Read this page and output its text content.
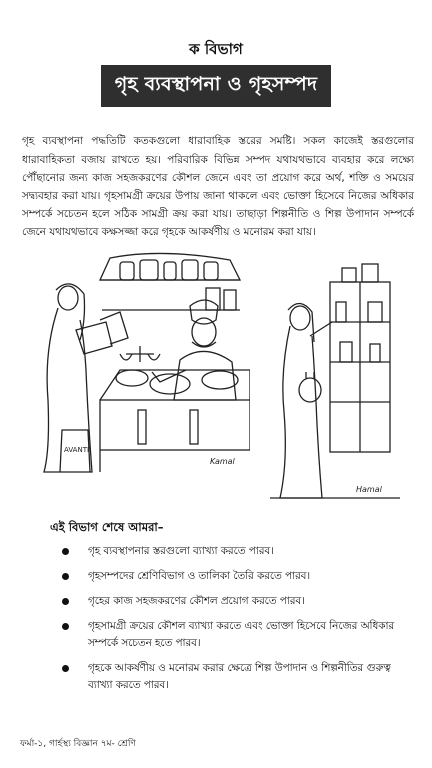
ক বিভাগ
গৃহ ব্যবস্থাপনা ও গৃহসম্পদ

গৃহ ব্যবস্থাপনা পদ্ধতিটি কতকগুলো ধারাবাহিক স্তরের সমষ্টি। সকল কাজেই স্তরগুলোর ধারাবাহিকতা বজায় রাখতে হয়। পরিবারিক বিভিন্ন সম্পদ যথাযথভাবে ব্যবহার করে লক্ষ্যে পৌঁছানোর জন্য কাজ সহজকরণের কৌশল জেনে এবং তা প্রয়োগ করে অর্থ, শক্তি ও সময়ের সদ্ব্যবহার করা যায়। গৃহসামগ্রী ক্রয়ের উপায় জানা থাকলে এবং ভোক্তা হিসেবে নিজের অধিকার সম্পর্কে সচেতন হলে সঠিক সামগ্রী ক্রয় করা যায়। তাছাড়া শিল্পনীতি ও শিল্প উপাদান সম্পর্কে জেনে যথাযথভাবে কক্ষসজ্জা করে গৃহকে আকর্ষণীয় ও মনোরম করা যায়।

AVANTI
Kamal
Hamal
এই বিভাগ শেষে আমরা–
গৃহ ব্যবস্থাপনার স্তরগুলো ব্যাখ্যা করতে পারব।
গৃহসম্পদের শ্রেণিবিভাগ ও তালিকা তৈরি করতে পারব।
গৃহের কাজ সহজকরণের কৌশল প্রয়োগ করতে পারব।
গৃহসামগ্রী ক্রয়ের কৌশল ব্যাখ্যা করতে এবং ভোক্তা হিসেবে নিজের অধিকার সম্পর্কে সচেতন হতে পারব।
গৃহকে আকর্ষণীয় ও মনোরম করার ক্ষেত্রে শিল্প উপাদান ও শিল্পনীতির গুরুত্ব ব্যাখ্যা করতে পারব।
ফর্মা-১, গার্হস্থ্য বিজ্ঞান ৭ম- শ্রেণি
